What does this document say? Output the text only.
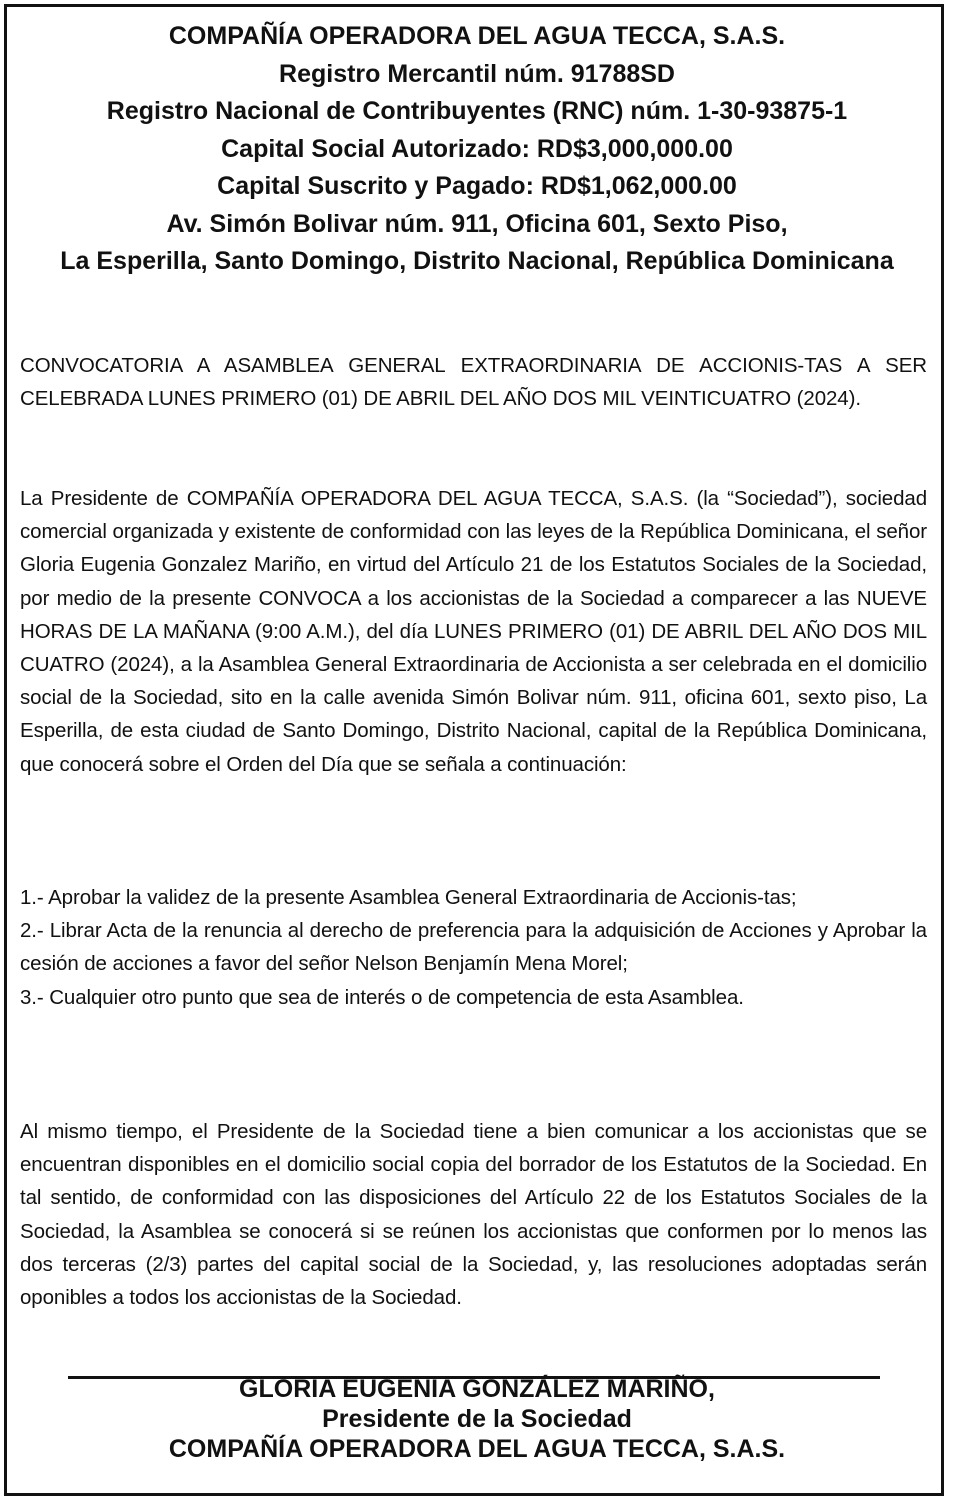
COMPAÑÍA OPERADORA DEL AGUA TECCA, S.A.S.
Registro Mercantil núm. 91788SD
Registro Nacional de Contribuyentes (RNC) núm. 1-30-93875-1
Capital Social Autorizado: RD$3,000,000.00
Capital Suscrito y Pagado: RD$1,062,000.00
Av. Simón Bolivar núm. 911, Oficina 601, Sexto Piso,
La Esperilla, Santo Domingo, Distrito Nacional, República Dominicana
CONVOCATORIA A ASAMBLEA GENERAL EXTRAORDINARIA DE ACCIONIS-TAS A SER CELEBRADA LUNES PRIMERO (01) DE ABRIL DEL AÑO DOS MIL VEINTICUATRO (2024).
La Presidente de COMPAÑÍA OPERADORA DEL AGUA TECCA, S.A.S. (la “Sociedad”), sociedad comercial organizada y existente de conformidad con las leyes de la República Dominicana, el señor Gloria Eugenia Gonzalez Mariño, en virtud del Artículo 21 de los Estatutos Sociales de la Sociedad, por medio de la presente CONVOCA a los accionistas de la Sociedad a comparecer a las NUEVE HORAS DE LA MAÑANA (9:00 A.M.), del día LUNES PRIMERO (01) DE ABRIL DEL AÑO DOS MIL CUATRO (2024), a la Asamblea General Extraordinaria de Accionista a ser celebrada en el domicilio social de la Sociedad, sito en la calle avenida Simón Bolivar núm. 911, oficina 601, sexto piso, La Esperilla, de esta ciudad de Santo Domingo, Distrito Nacional, capital de la República Dominicana, que conocerá sobre el Orden del Día que se señala a continuación:
1.- Aprobar la validez de la presente Asamblea General Extraordinaria de Accionis-tas;
2.- Librar Acta de la renuncia al derecho de preferencia para la adquisición de Acciones y Aprobar la cesión de acciones a favor del señor Nelson Benjamín Mena Morel;
3.- Cualquier otro punto que sea de interés o de competencia de esta Asamblea.
Al mismo tiempo, el Presidente de la Sociedad tiene a bien comunicar a los accionistas que se encuentran disponibles en el domicilio social copia del borrador de los Estatutos de la Sociedad. En tal sentido, de conformidad con las disposiciones del Artículo 22 de los Estatutos Sociales de la Sociedad, la Asamblea se conocerá si se reúnen los accionistas que conformen por lo menos las dos terceras (2/3) partes del capital social de la Sociedad, y, las resoluciones adoptadas serán oponibles a todos los accionistas de la Sociedad.
GLORIA EUGENIA GONZÁLEZ MARIÑO,
Presidente de la Sociedad
COMPAÑÍA OPERADORA DEL AGUA TECCA, S.A.S.
